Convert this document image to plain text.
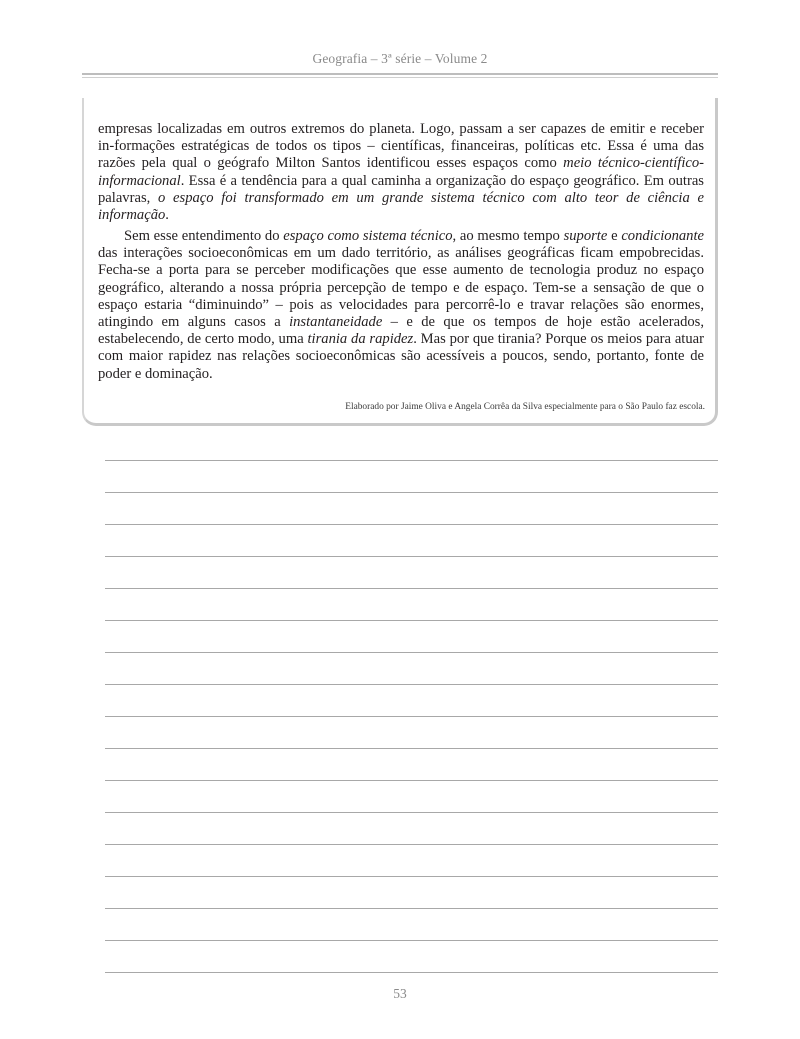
Geografia – 3ª série – Volume 2

empresas localizadas em outros extremos do planeta. Logo, passam a ser capazes de emitir e receber in-formações estratégicas de todos os tipos – científicas, financeiras, políticas etc. Essa é uma das razões pela qual o geógrafo Milton Santos identificou esses espaços como meio técnico-científico-informacional. Essa é a tendência para a qual caminha a organização do espaço geográfico. Em outras palavras, o espaço foi transformado em um grande sistema técnico com alto teor de ciência e informação.

Sem esse entendimento do espaço como sistema técnico, ao mesmo tempo suporte e condicionante das interações socioeconômicas em um dado território, as análises geográficas ficam empobrecidas. Fecha-se a porta para se perceber modificações que esse aumento de tecnologia produz no espaço geográfico, alterando a nossa própria percepção de tempo e de espaço. Tem-se a sensação de que o espaço estaria “diminuindo” – pois as velocidades para percorrê-lo e travar relações são enormes, atingindo em alguns casos a instantaneidade – e de que os tempos de hoje estão acelerados, estabelecendo, de certo modo, uma tirania da rapidez. Mas por que tirania? Porque os meios para atuar com maior rapidez nas relações socioeconômicas são acessíveis a poucos, sendo, portanto, fonte de poder e dominação.

Elaborado por Jaime Oliva e Angela Corrêa da Silva especialmente para o São Paulo faz escola.

53
